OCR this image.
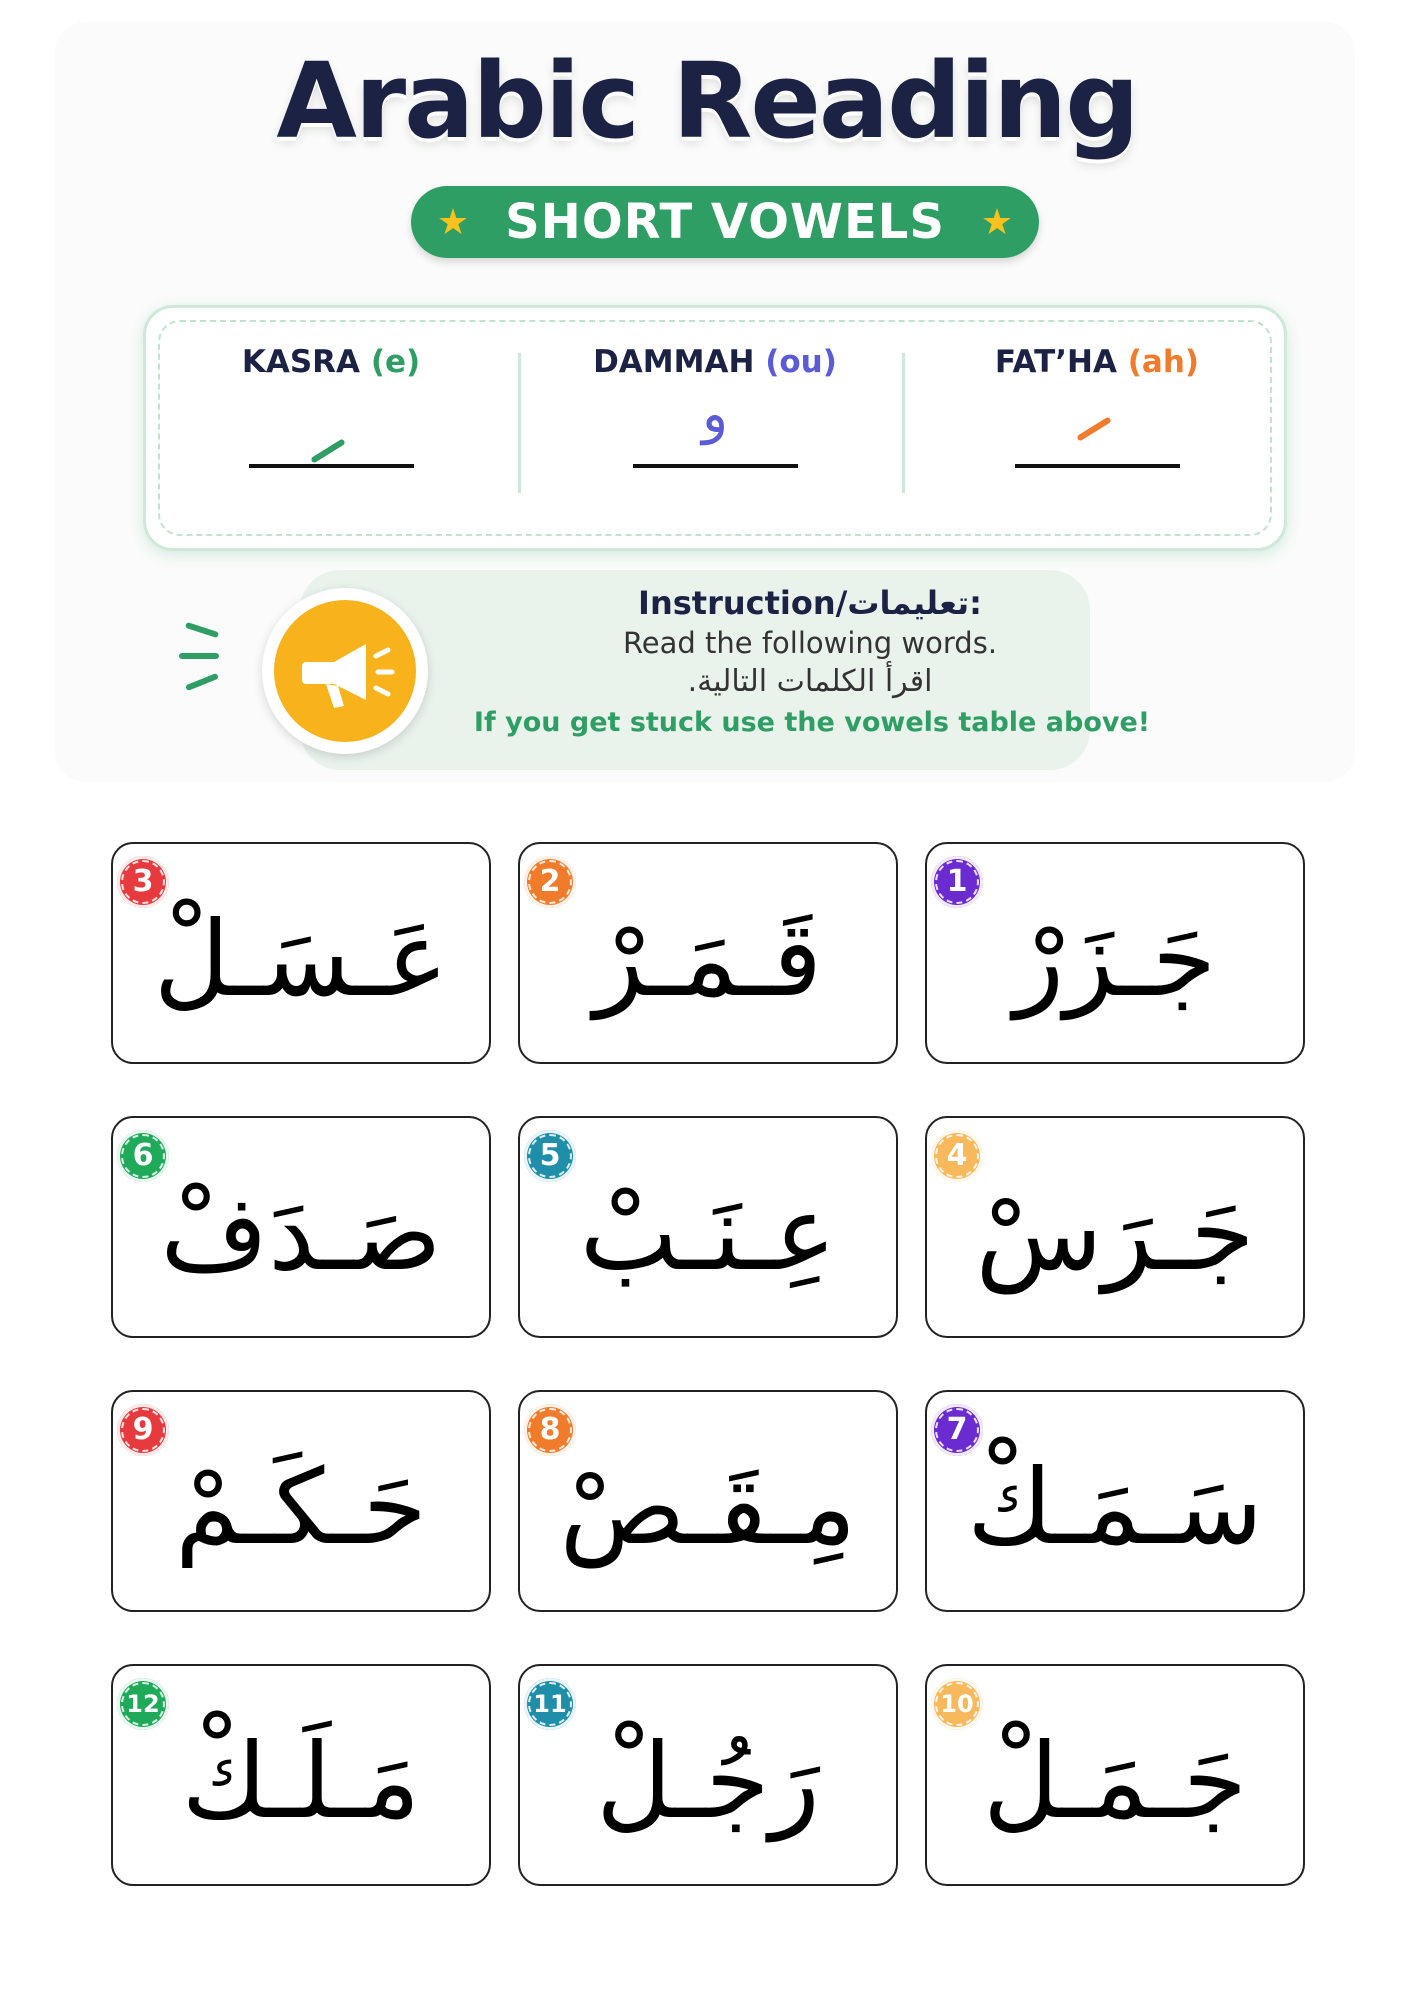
Arabic Reading
★ SHORT VOWELS ★
KASRA (e)	DAMMAH (ou)
و
FAT’HA (ah)
Instruction/تعليمات:
Read the following words.
اقرأ الكلمات التالية.
If you get stuck use the vowels table above!
جَـزَرْ
1
قَـمَـرْ
2
عَـسَـلْ
3
جَـرَسْ
4
عِـنَـبْ
5
صَـدَفْ
6
سَـمَـكْ
7
مِـقَـصْ
8
حَـكَـمْ
9
جَـمَـلْ
10
رَجُـلْ
11
مَـلَـكْ
12
